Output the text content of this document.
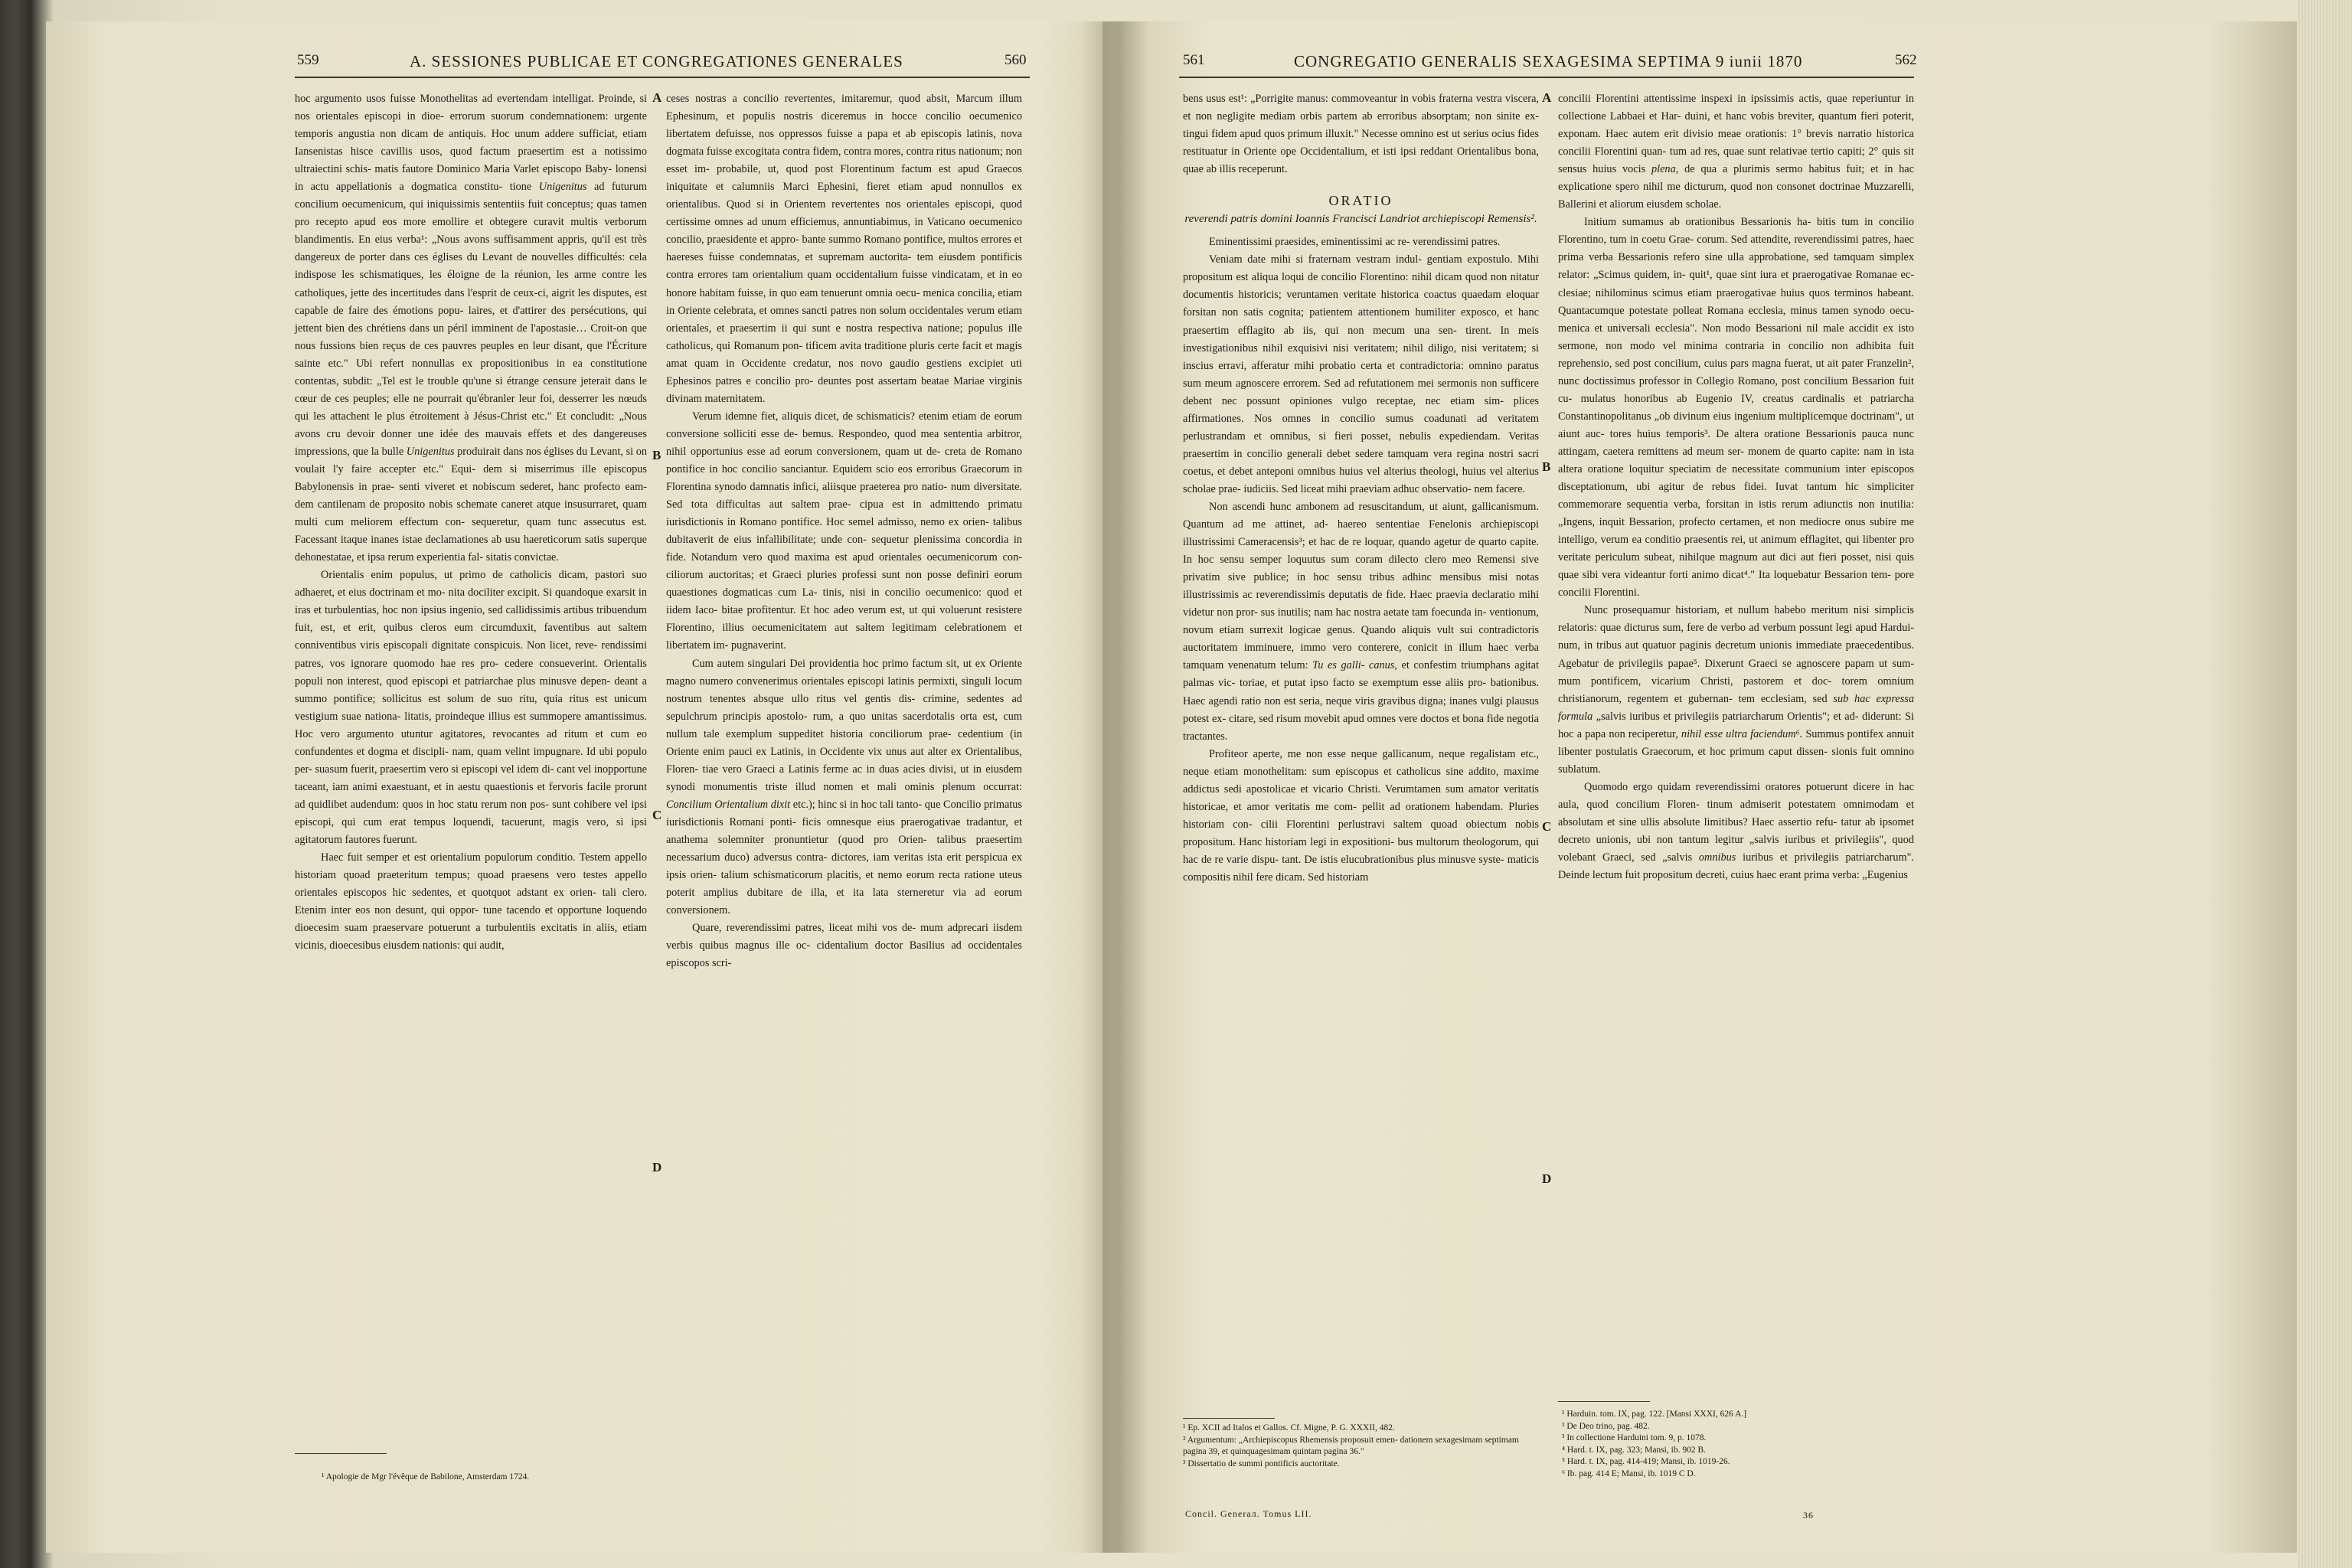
559	A. SESSIONES PUBLICAE ET CONGREGATIONES GENERALES	560

hoc argumento usos fuisse Monothelitas ad evertendam intelligat. Proinde, si nos orientales episcopi in dioe- errorum suorum condemnationem: urgente temporis angustia non dicam de antiquis. Hoc unum addere sufficiat, etiam Iansenistas hisce cavillis usos, quod factum praesertim est a notissimo ultraiectini schis- matis fautore Dominico Maria Varlet episcopo Baby- lonensi in actu appellationis a dogmatica constitu- tione Unigenitus ad futurum concilium oecumenicum, qui iniquissimis sententiis fuit conceptus; quas tamen pro recepto apud eos more emollire et obtegere curavit multis verborum blandimentis. En eius verba¹: „Nous avons suffisamment appris, qu'il est très dangereux de porter dans ces églises du Levant de nouvelles difficultés: cela indispose les schismatiques, les éloigne de la réunion, les arme contre les catholiques, jette des incertitudes dans l'esprit de ceux-ci, aigrit les disputes, est capable de faire des émotions popu- laires, et d'attirer des persécutions, qui jettent bien des chrétiens dans un péril imminent de l'apostasie… Croit-on que nous fussions bien reçus de ces pauvres peuples en leur disant, que l'Écriture sainte etc." Ubi refert nonnullas ex propositionibus in ea constitutione contentas, subdit: „Tel est le trouble qu'une si étrange censure jeterait dans le cœur de ces peuples; elle ne pourrait qu'ébranler leur foi, desserrer les nœuds qui les attachent le plus étroitement à Jésus-Christ etc." Et concludit: „Nous avons cru devoir donner une idée des mauvais effets et des dangereuses impressions, que la bulle Unigenitus produirait dans nos églises du Levant, si on voulait l'y faire accepter etc." Equi- dem si miserrimus ille episcopus Babylonensis in prae- senti viveret et nobiscum sederet, hanc profecto eam- dem cantilenam de proposito nobis schemate caneret atque insusurraret, quam multi cum meliorem effectum con- sequeretur, quam tunc assecutus est. Facessant itaque inanes istae declamationes ab usu haereticorum satis superque dehonestatae, et ipsa rerum experientia fal- sitatis convictae.

Orientalis enim populus, ut primo de catholicis dicam, pastori suo adhaeret, et eius doctrinam et mo- nita dociliter excipit. Si quandoque exarsit in iras et turbulentias, hoc non ipsius ingenio, sed callidissimis artibus tribuendum fuit, est, et erit, quibus cleros eum circumduxit, faventibus aut saltem conniventibus viris episcopali dignitate conspicuis. Non licet, reve- rendissimi patres, vos ignorare quomodo hae res pro- cedere consueverint. Orientalis populi non interest, quod episcopi et patriarchae plus minusve depen- deant a summo pontifice; sollicitus est solum de suo ritu, quia ritus est unicum vestigium suae nationa- litatis, proindeque illius est summopere amantissimus. Hoc vero argumento utuntur agitatores, revocantes ad ritum et cum eo confundentes et dogma et discipli- nam, quam velint impugnare. Id ubi populo per- suasum fuerit, praesertim vero si episcopi vel idem di- cant vel inopportune taceant, iam animi exaestuant, et in aestu quaestionis et fervoris facile prorunt ad quidlibet audendum: quos in hoc statu rerum non pos- sunt cohibere vel ipsi episcopi, qui cum erat tempus loquendi, tacuerunt, magis vero, si ipsi agitatorum fautores fuerunt.

Haec fuit semper et est orientalium populorum conditio. Testem appello historiam quoad praeteritum tempus; quoad praesens vero testes appello orientales episcopos hic sedentes, et quotquot adstant ex orien- tali clero. Etenim inter eos non desunt, qui oppor- tune tacendo et opportune loquendo dioecesim suam praeservare potuerunt a turbulentiis excitatis in aliis, etiam vicinis, dioecesibus eiusdem nationis: qui audit,

¹ Apologie de Mgr l'évêque de Babilone, Amsterdam 1724.
A
B
C
D

ceses nostras a concilio revertentes, imitaremur, quod absit, Marcum illum Ephesinum, et populis nostris diceremus in hocce concilio oecumenico libertatem defuisse, nos oppressos fuisse a papa et ab episcopis latinis, nova dogmata fuisse excogitata contra fidem, contra mores, contra ritus nationum; non esset im- probabile, ut, quod post Florentinum factum est apud Graecos iniquitate et calumniis Marci Ephesini, fieret etiam apud nonnullos ex orientalibus. Quod si in Orientem revertentes nos orientales episcopi, quod certissime omnes ad unum efficiemus, annuntiabimus, in Vaticano oecumenico concilio, praesidente et appro- bante summo Romano pontifice, multos errores et haereses fuisse condemnatas, et supremam auctorita- tem eiusdem pontificis contra errores tam orientalium quam occidentalium fuisse vindicatam, et in eo honore habitam fuisse, in quo eam tenuerunt omnia oecu- menica concilia, etiam in Oriente celebrata, et omnes sancti patres non solum occidentales verum etiam orientales, et praesertim ii qui sunt e nostra respectiva natione; populus ille catholicus, qui Romanum pon- tificem avita traditione pluris certe facit et magis amat quam in Occidente credatur, nos novo gaudio gestiens excipiet uti Ephesinos patres e concilio pro- deuntes post assertam beatae Mariae virginis divinam maternitatem.

Verum idemne fiet, aliquis dicet, de schismaticis? etenim etiam de eorum conversione solliciti esse de- bemus. Respondeo, quod mea sententia arbitror, nihil opportunius esse ad eorum conversionem, quam ut de- creta de Romano pontifice in hoc concilio sanciantur. Equidem scio eos erroribus Graecorum in Florentina synodo damnatis infici, aliisque praeterea pro natio- num diversitate. Sed tota difficultas aut saltem prae- cipua est in admittendo primatu iurisdictionis in Romano pontifice. Hoc semel admisso, nemo ex orien- talibus dubitaverit de eius infallibilitate; unde con- sequetur plenissima concordia in fide. Notandum vero quod maxima est apud orientales oecumenicorum con- ciliorum auctoritas; et Graeci pluries professi sunt non posse definiri eorum quaestiones dogmaticas cum La- tinis, nisi in concilio oecumenico: quod et iidem Iaco- bitae profitentur. Et hoc adeo verum est, ut qui voluerunt resistere Florentino, illius oecumenicitatem aut saltem legitimam celebrationem et libertatem im- pugnaverint.

Cum autem singulari Dei providentia hoc primo factum sit, ut ex Oriente magno numero convenerimus orientales episcopi latinis permixti, singuli locum nostrum tenentes absque ullo ritus vel gentis dis- crimine, sedentes ad sepulchrum principis apostolo- rum, a quo unitas sacerdotalis orta est, cum nullum tale exemplum suppeditet historia conciliorum prae- cedentium (in Oriente enim pauci ex Latinis, in Occidente vix unus aut alter ex Orientalibus, Floren- tiae vero Graeci a Latinis ferme ac in duas acies divisi, ut in eiusdem synodi monumentis triste illud nomen et mali ominis plenum occurrat: Concilium Orientalium dixit etc.); hinc si in hoc tali tanto- que Concilio primatus iurisdictionis Romani ponti- ficis omnesque eius praerogativae tradantur, et anathema solemniter pronuntietur (quod pro Orien- talibus praesertim necessarium duco) adversus contra- dictores, iam veritas ista erit perspicua ex ipsis orien- talium schismaticorum placitis, et nemo eorum recta ratione uteus poterit amplius dubitare de illa, et ita lata sterneretur via ad eorum conversionem.

Quare, reverendissimi patres, liceat mihi vos de- mum adprecari iisdem verbis quibus magnus ille oc- cidentalium doctor Basilius ad occidentales episcopos scri-

561	CONGREGATIO GENERALIS SEXAGESIMA SEPTIMA 9 iunii 1870	562

bens usus est¹: „Porrigite manus: commoveantur in vobis fraterna vestra viscera, et non negligite mediam orbis partem ab erroribus absorptam; non sinite ex- tingui fidem apud quos primum illuxit." Necesse omnino est ut serius ocius fides restituatur in Oriente ope Occidentalium, et isti ipsi reddant Orientalibus bona, quae ab illis receperunt.

ORATIO
reverendi patris domini Ioannis Francisci Landriot archiepiscopi Remensis².

Eminentissimi praesides, eminentissimi ac re- verendissimi patres.

Veniam date mihi si fraternam vestram indul- gentiam expostulo. Mihi propositum est aliqua loqui de concilio Florentino: nihil dicam quod non nitatur documentis historicis; veruntamen veritate historica coactus quaedam eloquar forsitan non satis cognita; patientem attentionem humiliter exposco, et hanc praesertim efflagito ab iis, qui non mecum una sen- tirent. In meis investigationibus nihil exquisivi nisi veritatem; nihil diligo, nisi veritatem; si inscius erravi, afferatur mihi probatio certa et contradictoria: omnino paratus sum meum agnoscere errorem. Sed ad refutationem mei sermonis non sufficere debent nec possunt opiniones vulgo receptae, nec etiam sim- plices affirmationes. Nos omnes in concilio sumus coadunati ad veritatem perlustrandam et omnibus, si fieri posset, nebulis expediendam. Veritas praesertim in concilio generali debet sedere tamquam vera regina nostri sacri coetus, et debet anteponi omnibus huius vel alterius theologi, huius vel alterius scholae prae- iudiciis. Sed liceat mihi praeviam adhuc observatio- nem facere.

Non ascendi hunc ambonem ad resuscitandum, ut aiunt, gallicanismum. Quantum ad me attinet, ad- haereo sententiae Fenelonis archiepiscopi illustrissimi Cameracensis³; et hac de re loquar, quando agetur de quarto capite. In hoc sensu semper loquutus sum coram dilecto clero meo Remensi sive privatim sive publice; in hoc sensu tribus adhinc mensibus misi notas illustrissimis ac reverendissimis deputatis de fide. Haec praevia declaratio mihi videtur non pror- sus inutilis; nam hac nostra aetate tam foecunda in- ventionum, novum etiam surrexit logicae genus. Quando aliquis vult sui contradictoris auctoritatem imminuere, immo vero conterere, conicit in illum haec verba tamquam venenatum telum: Tu es galli- canus, et confestim triumphans agitat palmas vic- toriae, et putat ipso facto se exemptum esse aliis pro- bationibus. Haec agendi ratio non est seria, neque viris gravibus digna; inanes vulgi plausus potest ex- citare, sed risum movebit apud omnes vere doctos et bona fide negotia tractantes.

Profiteor aperte, me non esse neque gallicanum, neque regalistam etc., neque etiam monothelitam: sum episcopus et catholicus sine addito, maxime addictus sedi apostolicae et vicario Christi. Verumtamen sum amator veritatis historicae, et amor veritatis me com- pellit ad orationem habendam. Pluries historiam con- cilii Florentini perlustravi saltem quoad obiectum nobis propositum. Hanc historiam legi in expositioni- bus multorum theologorum, qui hac de re varie dispu- tant. De istis elucubrationibus plus minusve syste- maticis compositis nihil fere dicam. Sed historiam

¹ Ep. XCII ad Italos et Gallos. Cf. Migne, P. G. XXXII, 482.
² Argumentum: „Archiepiscopus Rhemensis proposuit emen- dationem sexagesimam septimam pagina 39, et quinquagesimam quintam pagina 36."
³ Dissertatio de summi pontificis auctoritate.
Concil. Generaл. Tomus LII.
A
B
C
D

concilii Florentini attentissime inspexi in ipsissimis actis, quae reperiuntur in collectione Labbaei et Har- duini, et hanc vobis breviter, quantum fieri poterit, exponam. Haec autem erit divisio meae orationis: 1° brevis narratio historica concilii Florentini quan- tum ad res, quae sunt relativae tertio capiti; 2° quis sit sensus huius vocis plena, de qua a plurimis sermo habitus fuit; et in hac explicatione spero nihil me dicturum, quod non consonet doctrinae Muzzarelli, Ballerini et aliorum eiusdem scholae.

Initium sumamus ab orationibus Bessarionis ha- bitis tum in concilio Florentino, tum in coetu Grae- corum. Sed attendite, reverendissimi patres, haec prima verba Bessarionis refero sine ulla approbatione, sed tamquam simplex relator: „Scimus quidem, in- quit¹, quae sint iura et praerogativae Romanae ec- clesiae; nihilominus scimus etiam praerogativae huius quos terminos habeant. Quantacumque potestate polleat Romana ecclesia, minus tamen synodo oecu- menica et universali ecclesia". Non modo Bessarioni nil male accidit ex isto sermone, non modo vel minima contraria in concilio non adhibita fuit reprehensio, sed post concilium, cuius pars magna fuerat, ut ait pater Franzelin², nunc doctissimus professor in Collegio Romano, post concilium Bessarion fuit cu- mulatus honoribus ab Eugenio IV, creatus cardinalis et patriarcha Constantinopolitanus „ob divinum eius ingenium multiplicemque doctrinam", ut aiunt auc- tores huius temporis³. De altera oratione Bessarionis pauca nunc attingam, caetera remittens ad meum ser- monem de quarto capite: nam in ista altera oratione loquitur speciatim de necessitate communium inter episcopos disceptationum, ubi agitur de rebus fidei. Iuvat tantum hic simpliciter commemorare sequentia verba, forsitan in istis rerum adiunctis non inutilia: „Ingens, inquit Bessarion, profecto certamen, et non mediocre onus subire me intelligo, verum ea conditio praesentis rei, ut animum efflagitet, qui libenter pro veritate periculum subeat, nihilque magnum aut dici aut fieri posset, nisi quis quae sibi vera videantur forti animo dicat⁴." Ita loquebatur Bessarion tem- pore concilii Florentini.

Nunc prosequamur historiam, et nullum habebo meritum nisi simplicis relatoris: quae dicturus sum, fere de verbo ad verbum possunt legi apud Hardui- num, in tribus aut quatuor paginis decretum unionis immediate praecedentibus. Agebatur de privilegiis papae⁵. Dixerunt Graeci se agnoscere papam ut sum- mum pontificem, vicarium Christi, pastorem et doc- torem omnium christianorum, regentem et gubernan- tem ecclesiam, sed sub hac expressa formula „salvis iuribus et privilegiis patriarcharum Orientis"; et ad- diderunt: Si hoc a papa non reciperetur, nihil esse ultra faciendum⁶. Summus pontifex annuit libenter postulatis Graecorum, et hoc primum caput dissen- sionis fuit omnino sublatum.

Quomodo ergo quidam reverendissimi oratores potuerunt dicere in hac aula, quod concilium Floren- tinum admiserit potestatem omnimodam et absolutam et sine ullis absolute limitibus? Haec assertio refu- tatur ab ipsomet decreto unionis, ubi non tantum legitur „salvis iuribus et privilegiis", quod volebant Graeci, sed „salvis omnibus iuribus et privilegiis patriarcharum". Deinde lectum fuit propositum decreti, cuius haec erant prima verba: „Eugenius

¹ Harduin. tom. IX, pag. 122. [Mansi XXXI, 626 A.]
² De Deo trino, pag. 482.
³ In collectione Harduini tom. 9, p. 1078.
⁴ Hard. t. IX, pag. 323; Mansi, ib. 902 B.
⁵ Hard. t. IX, pag. 414-419; Mansi, ib. 1019-26.
⁶ Ib. pag. 414 E; Mansi, ib. 1019 C D.
36
